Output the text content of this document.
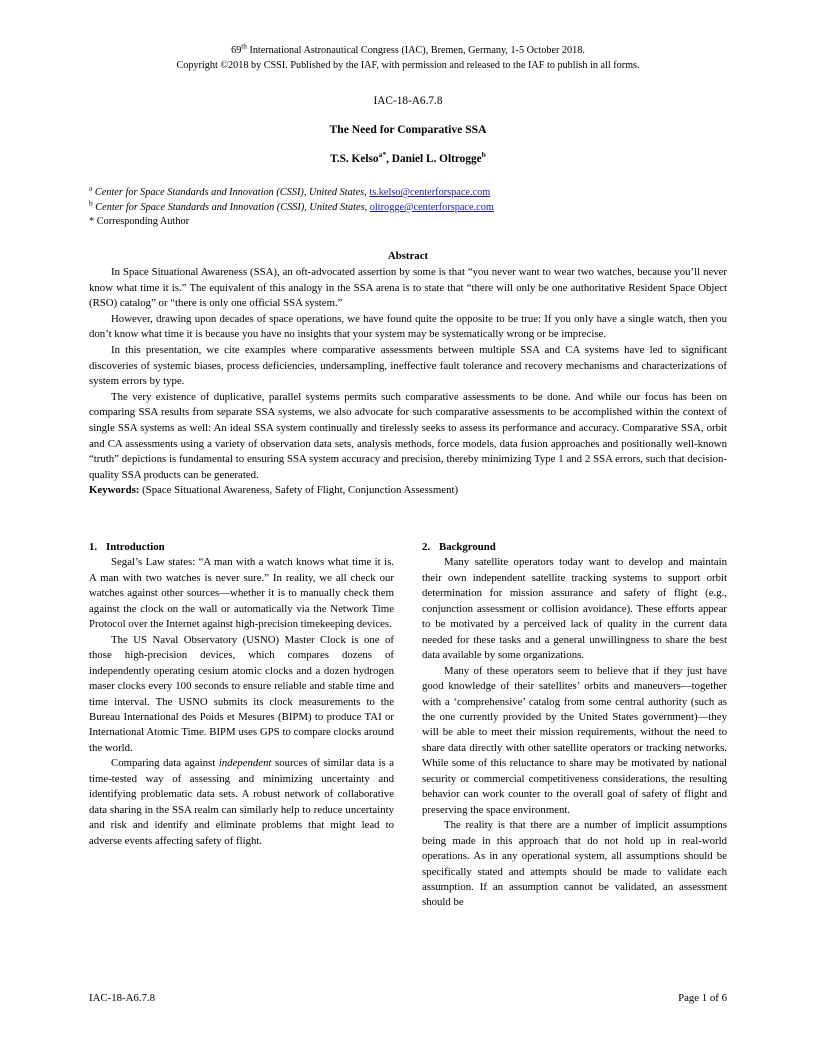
69th International Astronautical Congress (IAC), Bremen, Germany, 1-5 October 2018.
Copyright ©2018 by CSSI. Published by the IAF, with permission and released to the IAF to publish in all forms.
IAC-18-A6.7.8
The Need for Comparative SSA
T.S. Kelso$^{a*}$, Daniel L. Oltrogge$^b$
$^a$ Center for Space Standards and Innovation (CSSI), United States, ts.kelso@centerforspace.com
$^b$ Center for Space Standards and Innovation (CSSI), United States, oltrogge@centerforspace.com
* Corresponding Author
Abstract

In Space Situational Awareness (SSA), an oft-advocated assertion by some is that “you never want to wear two watches, because you’ll never know what time it is.” The equivalent of this analogy in the SSA arena is to state that “there will only be one authoritative Resident Space Object (RSO) catalog” or “there is only one official SSA system.”

However, drawing upon decades of space operations, we have found quite the opposite to be true: If you only have a single watch, then you don’t know what time it is because you have no insights that your system may be systematically wrong or be imprecise.

In this presentation, we cite examples where comparative assessments between multiple SSA and CA systems have led to significant discoveries of systemic biases, process deficiencies, undersampling, ineffective fault tolerance and recovery mechanisms and characterizations of system errors by type.

The very existence of duplicative, parallel systems permits such comparative assessments to be done. And while our focus has been on comparing SSA results from separate SSA systems, we also advocate for such comparative assessments to be accomplished within the context of single SSA systems as well: An ideal SSA system continually and tirelessly seeks to assess its performance and accuracy. Comparative SSA, orbit and CA assessments using a variety of observation data sets, analysis methods, force models, data fusion approaches and positionally well-known “truth” depictions is fundamental to ensuring SSA system accuracy and precision, thereby minimizing Type 1 and 2 SSA errors, such that decision-quality SSA products can be generated.

Keywords: (Space Situational Awareness, Safety of Flight, Conjunction Assessment)

1. Introduction

Segal’s Law states: “A man with a watch knows what time it is. A man with two watches is never sure.” In reality, we all check our watches against other sources—whether it is to manually check them against the clock on the wall or automatically via the Network Time Protocol over the Internet against high-precision timekeeping devices.

The US Naval Observatory (USNO) Master Clock is one of those high-precision devices, which compares dozens of independently operating cesium atomic clocks and a dozen hydrogen maser clocks every 100 seconds to ensure reliable and stable time and time interval. The USNO submits its clock measurements to the Bureau International des Poids et Mesures (BIPM) to produce TAI or International Atomic Time. BIPM uses GPS to compare clocks around the world.

Comparing data against independent sources of similar data is a time-tested way of assessing and minimizing uncertainty and identifying problematic data sets. A robust network of collaborative data sharing in the SSA realm can similarly help to reduce uncertainty and risk and identify and eliminate problems that might lead to adverse events affecting safety of flight.

2. Background

Many satellite operators today want to develop and maintain their own independent satellite tracking systems to support orbit determination for mission assurance and safety of flight (e.g., conjunction assessment or collision avoidance). These efforts appear to be motivated by a perceived lack of quality in the current data needed for these tasks and a general unwillingness to share the best data available by some organizations.

Many of these operators seem to believe that if they just have good knowledge of their satellites’ orbits and maneuvers—together with a ‘comprehensive’ catalog from some central authority (such as the one currently provided by the United States government)—they will be able to meet their mission requirements, without the need to share data directly with other satellite operators or tracking networks. While some of this reluctance to share may be motivated by national security or commercial competitiveness considerations, the resulting behavior can work counter to the overall goal of safety of flight and preserving the space environment.

The reality is that there are a number of implicit assumptions being made in this approach that do not hold up in real-world operations. As in any operational system, all assumptions should be specifically stated and attempts should be made to validate each assumption. If an assumption cannot be validated, an assessment should be

IAC-18-A6.7.8	Page 1 of 6
